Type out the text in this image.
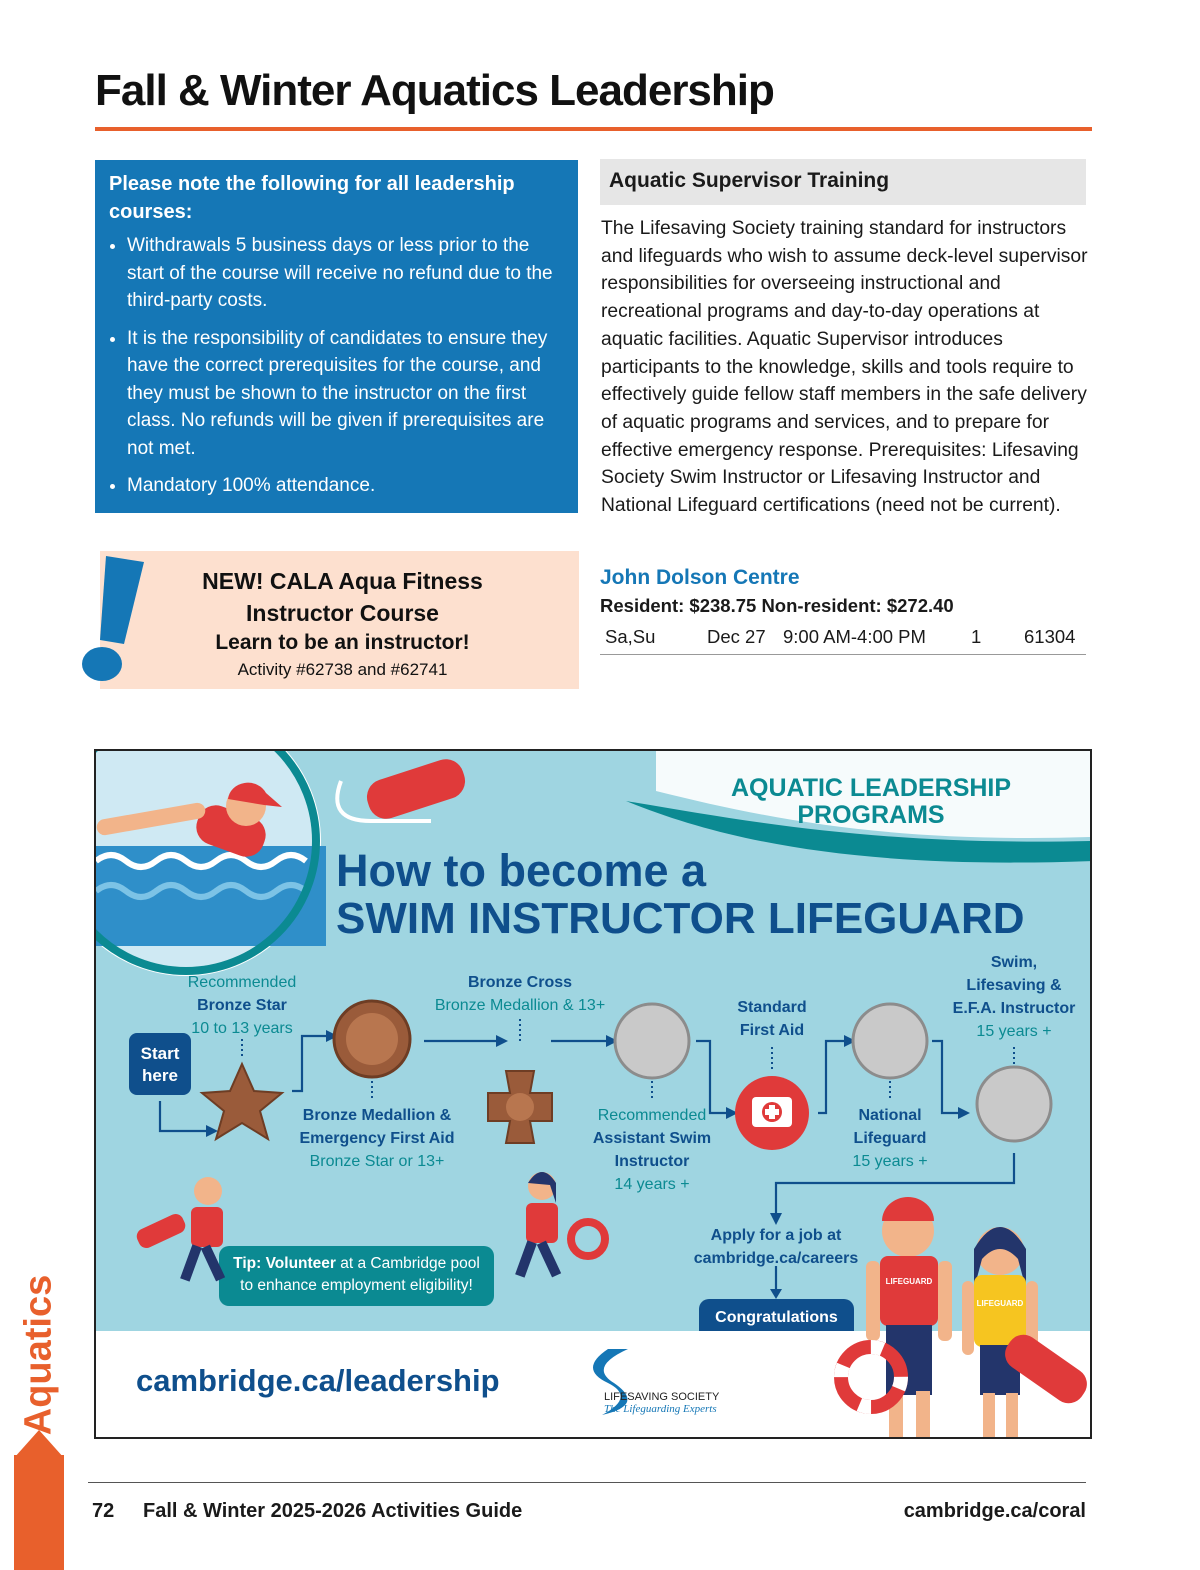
Fall & Winter Aquatics Leadership
Please note the following for all leadership
courses:
• Withdrawals 5 business days or less prior to the start of the course will receive no refund due to the third-party costs.
• It is the responsibility of candidates to ensure they have the correct prerequisites for the course, and they must be shown to the instructor on the first class. No refunds will be given if prerequisites are not met.
• Mandatory 100% attendance.
NEW! CALA Aqua Fitness
Instructor Course
Learn to be an instructor!
Activity #62738 and #62741
Aquatic Supervisor Training
The Lifesaving Society training standard for instructors and lifeguards who wish to assume deck-level supervisor responsibilities for overseeing instructional and recreational programs and day-to-day operations at aquatic facilities. Aquatic Supervisor introduces participants to the knowledge, skills and tools require to effectively guide fellow staff members in the safe delivery of aquatic programs and services, and to prepare for effective emergency response. Prerequisites: Lifesaving Society Swim Instructor or Lifesaving Instructor and National Lifeguard certifications (need not be current).
John Dolson Centre
Resident: $238.75 Non-resident: $272.40
Sa,Su	Dec 27 9:00 AM-4:00 PM 1 61304
AQUATIC LEADERSHIP
PROGRAMS
How to become a
SWIM INSTRUCTOR LIFEGUARD
Start
here
Recommended
Bronze Star
10 to 13 years
Bronze Medallion &
Emergency First Aid
Bronze Star or 13+
Bronze Cross
Bronze Medallion & 13+
Recommended
Assistant Swim
Instructor
14 years +
Standard
First Aid
National
Lifeguard
15 years +
Swim,
Lifesaving &
E.F.A. Instructor
15 years +
Apply for a job at
cambridge.ca/careers
Congratulations
you're hired!
Tip: Volunteer at a Cambridge pool
to enhance employment eligibility!
cambridge.ca/leadership	LIFESAVING SOCIETY
The Lifeguarding Experts
LIFEGUARD
LIFEGUARD
72 Fall & Winter 2025-2026 Activities Guide	cambridge.ca/coral
Aquatics
